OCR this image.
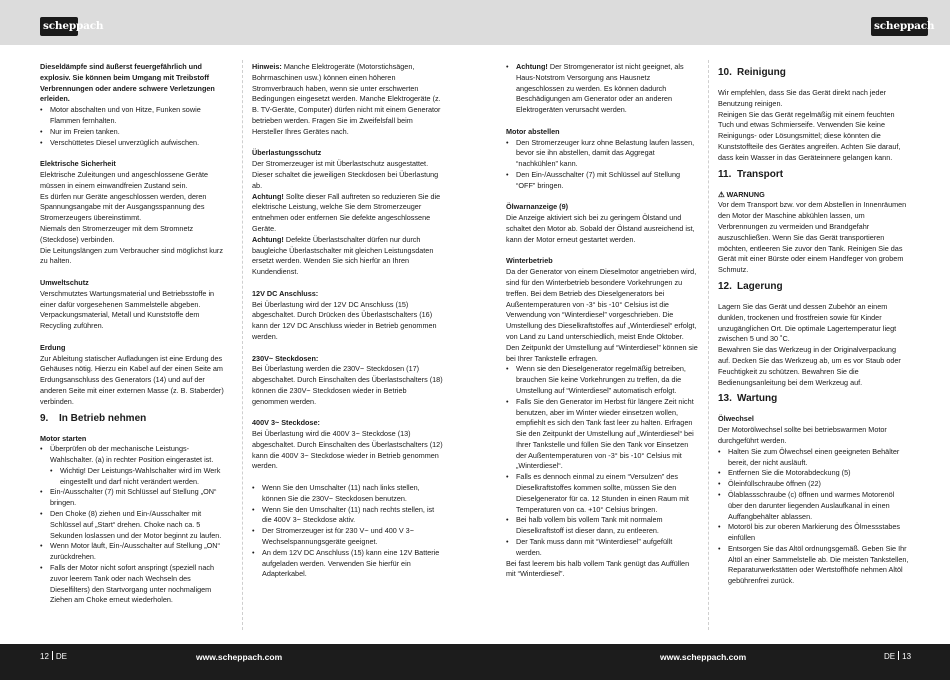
scheppach	scheppach

Dieseldämpfe sind äußerst feuergefährlich und explosiv. Sie können beim Umgang mit Treibstoff Verbrennungen oder andere schwere Verletzungen erleiden.

• Motor abschalten und von Hitze, Funken sowie Flammen fernhalten.
• Nur im Freien tanken.
• Verschüttetes Diesel unverzüglich aufwischen.

Elektrische Sicherheit

Elektrische Zuleitungen und angeschlossene Geräte müssen in einem einwandfreien Zustand sein.

Es dürfen nur Geräte angeschlossen werden, deren Spannungsangabe mit der Ausgangsspannung des Stromerzeugers übereinstimmt.

Niemals den Stromerzeuger mit dem Stromnetz (Steckdose) verbinden.

Die Leitungslängen zum Verbraucher sind möglichst kurz zu halten.

Umweltschutz

Verschmutztes Wartungsmaterial und Betriebsstoffe in einer dafür vorgesehenen Sammelstelle abgeben. Verpackungsmaterial, Metall und Kunststoffe dem Recycling zuführen.

Erdung

Zur Ableitung statischer Aufladungen ist eine Erdung des Gehäuses nötig. Hierzu ein Kabel auf der einen Seite am Erdungsanschluss des Generators (14) und auf der anderen Seite mit einer externen Masse (z. B. Staberder) verbinden.

9. In Betrieb nehmen

Motor starten

• Überprüfen ob der mechanische Leistungs-Wahlschalter. (a) in rechter Position eingerastet ist.
• Wichtig! Der Leistungs-Wahlschalter wird im Werk eingestellt und darf nicht verändert werden.
• Ein-/Ausschalter (7) mit Schlüssel auf Stellung „ON“ bringen.
• Den Choke (8) ziehen und Ein-/Ausschalter mit Schlüssel auf „Start“ drehen. Choke nach ca. 5 Sekunden loslassen und der Motor beginnt zu laufen.
• Wenn Motor läuft, Ein-/Ausschalter auf Stellung „ON“ zurückdrehen.
• Falls der Motor nicht sofort anspringt (speziell nach zuvor leerem Tank oder nach Wechseln des Dieselfilters) den Startvorgang unter nochmaligem Ziehen am Choke erneut wiederholen.

Hinweis: Manche Elektrogeräte (Motorstichsägen, Bohrmaschinen usw.) können einen höheren Stromverbrauch haben, wenn sie unter erschwerten Bedingungen eingesetzt werden. Manche Elektrogeräte (z. B. TV-Geräte, Computer) dürfen nicht mit einem Generator betrieben werden. Fragen Sie im Zweifelsfall beim Hersteller Ihres Gerätes nach.

Überlastungsschutz

Der Stromerzeuger ist mit Überlastschutz ausgestattet. Dieser schaltet die jeweiligen Steckdosen bei Überlastung ab.

Achtung! Sollte dieser Fall auftreten so reduzieren Sie die elektrische Leistung, welche Sie dem Stromerzeuger entnehmen oder entfernen Sie defekte angeschlossene Geräte.

Achtung! Defekte Überlastschalter dürfen nur durch baugleiche Überlastschalter mit gleichen Leistungsdaten ersetzt werden. Wenden Sie sich hierfür an Ihren Kundendienst.

12V DC Anschluss:

Bei Überlastung wird der 12V DC Anschluss (15) abgeschaltet. Durch Drücken des Überlastschalters (16) kann der 12V DC Anschluss wieder in Betrieb genommen werden.

230V~ Steckdosen:

Bei Überlastung werden die 230V~ Steckdosen (17) abgeschaltet. Durch Einschalten des Überlastschalters (18) können die 230V~ Steckdosen wieder in Betrieb genommen werden.

400V 3~ Steckdose:

Bei Überlastung wird die 400V 3~ Steckdose (13) abgeschaltet. Durch Einschalten des Überlastschalters (12) kann die 400V 3~ Steckdose wieder in Betrieb genommen werden.

• Wenn Sie den Umschalter (11) nach links stellen, können Sie die 230V~ Steckdosen benutzen.
• Wenn Sie den Umschalter (11) nach rechts stellen, ist die 400V 3~ Steckdose aktiv.
• Der Stromerzeuger ist für 230 V~ und 400 V 3~ Wechselspannungsgeräte geeignet.
• An dem 12V DC Anschluss (15) kann eine 12V Batterie aufgeladen werden. Verwenden Sie hierfür ein Adapterkabel.
• Achtung! Der Stromgenerator ist nicht geeignet, als Haus-Notstrom Versorgung ans Hausnetz angeschlossen zu werden. Es können dadurch Beschädigungen am Generator oder an anderen Elektrogeräten verursacht werden.

Motor abstellen

• Den Stromerzeuger kurz ohne Belastung laufen lassen, bevor sie ihn abstellen, damit das Aggregat “nachkühlen” kann.
• Den Ein-/Ausschalter (7) mit Schlüssel auf Stellung “OFF” bringen.

Ölwarnanzeige (9)

Die Anzeige aktiviert sich bei zu geringem Ölstand und schaltet den Motor ab. Sobald der Ölstand ausreichend ist, kann der Motor erneut gestartet werden.

Winterbetrieb

Da der Generator von einem Dieselmotor angetrieben wird, sind für den Winterbetrieb besondere Vorkehrungen zu treffen. Bei dem Betrieb des Dieselgenerators bei Außentemperaturen von -3° bis -10° Celsius ist die Verwendung von “Winterdiesel” vorgeschrieben. Die Umstellung des Dieselkraftstoffes auf „Winterdiesel“ erfolgt, von Land zu Land unterschiedlich, meist Ende Oktober. Den Zeitpunkt der Umstellung auf “Winterdiesel” können sie bei Ihrer Tankstelle erfragen.

• Wenn sie den Dieselgenerator regelmäßig betreiben, brauchen Sie keine Vorkehrungen zu treffen, da die Umstellung auf “Winterdiesel” automatisch erfolgt.
• Falls Sie den Generator im Herbst für längere Zeit nicht benutzen, aber im Winter wieder einsetzen wollen, empfiehlt es sich den Tank fast leer zu halten. Erfragen Sie den Zeitpunkt der Umstellung auf „Winterdiesel“ bei Ihrer Tankstelle und füllen Sie den Tank vor Einsetzen der Außentemperaturen von -3° bis -10° Celsius mit „Winterdiesel“.
• Falls es dennoch einmal zu einem “Versulzen” des Dieselkraftstoffes kommen sollte, müssen Sie den Dieselgenerator für ca. 12 Stunden in einen Raum mit Temperaturen von ca. +10° Celsius bringen.
• Bei halb vollem bis vollem Tank mit normalem Dieselkraftstoff ist dieser dann, zu entleeren.
• Der Tank muss dann mit “Winterdiesel” aufgefüllt werden.

Bei fast leerem bis halb vollem Tank genügt das Auffüllen mit “Winterdiesel”.

10. Reinigung

Wir empfehlen, dass Sie das Gerät direkt nach jeder Benutzung reinigen.

Reinigen Sie das Gerät regelmäßig mit einem feuchten Tuch und etwas Schmierseife. Verwenden Sie keine Reinigungs- oder Lösungsmittel; diese könnten die Kunststoffteile des Gerätes angreifen. Achten Sie darauf, dass kein Wasser in das Geräteinnere gelangen kann.

11. Transport

⚠ WARNUNG

Vor dem Transport bzw. vor dem Abstellen in Innenräumen den Motor der Maschine abkühlen lassen, um Verbrennungen zu vermeiden und Brandgefahr auszuschließen. Wenn Sie das Gerät transportieren möchten, entleeren Sie zuvor den Tank. Reinigen Sie das Gerät mit einer Bürste oder einem Handfeger von grobem Schmutz.

12. Lagerung

Lagern Sie das Gerät und dessen Zubehör an einem dunklen, trockenen und frostfreien sowie für Kinder unzugänglichen Ort. Die optimale Lagertemperatur liegt zwischen 5 und 30 ˚C.

Bewahren Sie das Werkzeug in der Originalverpackung auf. Decken Sie das Werkzeug ab, um es vor Staub oder Feuchtigkeit zu schützen. Bewahren Sie die Bedienungsanleitung bei dem Werkzeug auf.

13. Wartung

Ölwechsel

Der Motorölwechsel sollte bei betriebswarmen Motor durchgeführt werden.

• Halten Sie zum Ölwechsel einen geeigneten Behälter bereit, der nicht ausläuft.
• Entfernen Sie die Motorabdeckung (5)
• Öleinfüllschraube öffnen (22)
• Ölablassschraube (c) öffnen und warmes Motorenöl über den darunter liegenden Auslaufkanal in einen Auffangbehälter ablassen.
• Motoröl bis zur oberen Markierung des Ölmessstabes einfüllen
• Entsorgen Sie das Altöl ordnungsgemäß. Geben Sie Ihr Altöl an einer Sammelstelle ab. Die meisten Tankstellen, Reparaturwerkstätten oder Wertstoffhöfe nehmen Altöl gebührenfrei zurück.
12 DE	www.scheppach.com	www.scheppach.com	DE 13
